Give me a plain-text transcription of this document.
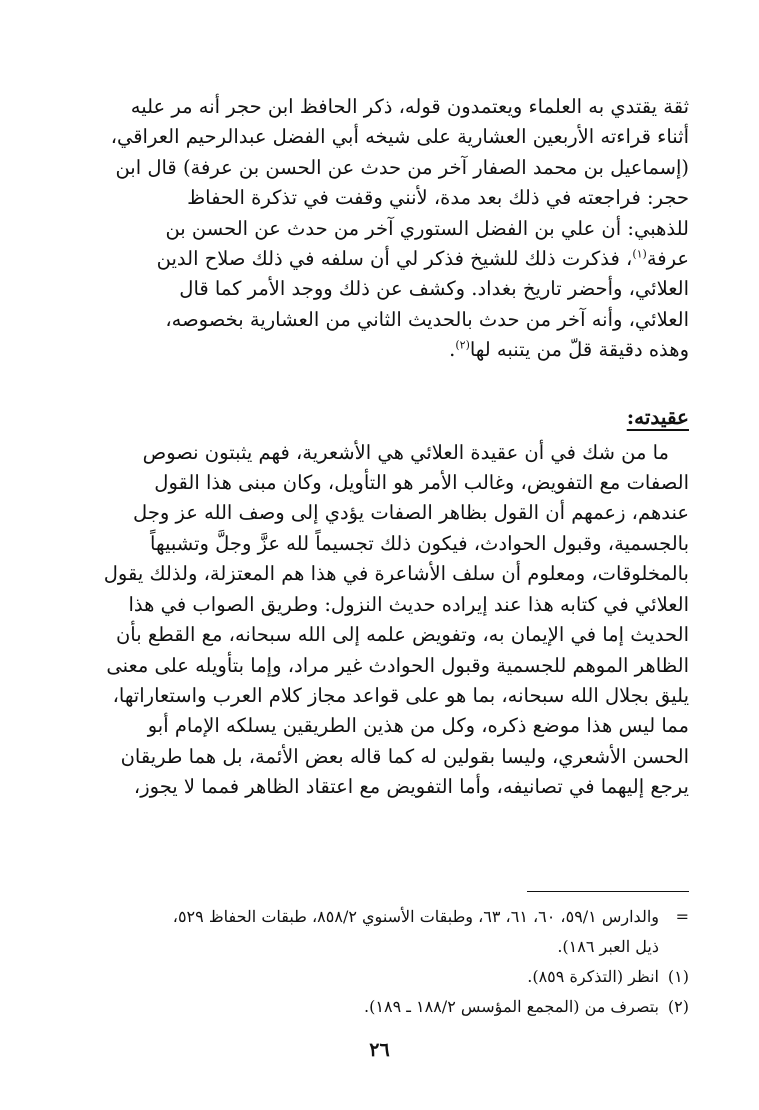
ثقة يقتدي به العلماء ويعتمدون قوله، ذكر الحافظ ابن حجر أنه مر عليه
أثناء قراءته الأربعين العشارية على شيخه أبي الفضل عبدالرحيم العراقي،
(إسماعيل بن محمد الصفار آخر من حدث عن الحسن بن عرفة) قال ابن
حجر: فراجعته في ذلك بعد مدة، لأنني وقفت في تذكرة الحفاظ
للذهبي: أن علي بن الفضل الستوري آخر من حدث عن الحسن بن
عرفة$^{(١)}$، فذكرت ذلك للشيخ فذكر لي أن سلفه في ذلك صلاح الدين
العلائي، وأحضر تاريخ بغداد. وكشف عن ذلك ووجد الأمر كما قال
العلائي، وأنه آخر من حدث بالحديث الثاني من العشارية بخصوصه،
وهذه دقيقة قلّ من يتنبه لها$^{(٢)}$.

عقيدته:

ما من شك في أن عقيدة العلائي هي الأشعرية، فهم يثبتون نصوص
الصفات مع التفويض، وغالب الأمر هو التأويل، وكان مبنى هذا القول
عندهم، زعمهم أن القول بظاهر الصفات يؤدي إلى وصف الله عز وجل
بالجسمية، وقبول الحوادث، فيكون ذلك تجسيماً لله عزَّ وجلَّ وتشبيهاً
بالمخلوقات، ومعلوم أن سلف الأشاعرة في هذا هم المعتزلة، ولذلك يقول
العلائي في كتابه هذا عند إيراده حديث النزول: وطريق الصواب في هذا
الحديث إما في الإيمان به، وتفويض علمه إلى الله سبحانه، مع القطع بأن
الظاهر الموهم للجسمية وقبول الحوادث غير مراد، وإما بتأويله على معنى
يليق بجلال الله سبحانه، بما هو على قواعد مجاز كلام العرب واستعاراتها،
مما ليس هذا موضع ذكره، وكل من هذين الطريقين يسلكه الإمام أبو
الحسن الأشعري، وليسا بقولين له كما قاله بعض الأئمة، بل هما طريقان
يرجع إليهما في تصانيفه، وأما التفويض مع اعتقاد الظاهر فمما لا يجوز،

=
والدارس ٥٩/١، ٦٠، ٦١، ٦٣، وطبقات الأسنوي ٨٥٨/٢، طبقات الحفاظ ٥٢٩،
ذيل العبر ١٨٦).
(١)
انظر (التذكرة ٨٥٩).
(٢)
بتصرف من (المجمع المؤسس ١٨٨/٢ ـ ١٨٩).
٢٦
